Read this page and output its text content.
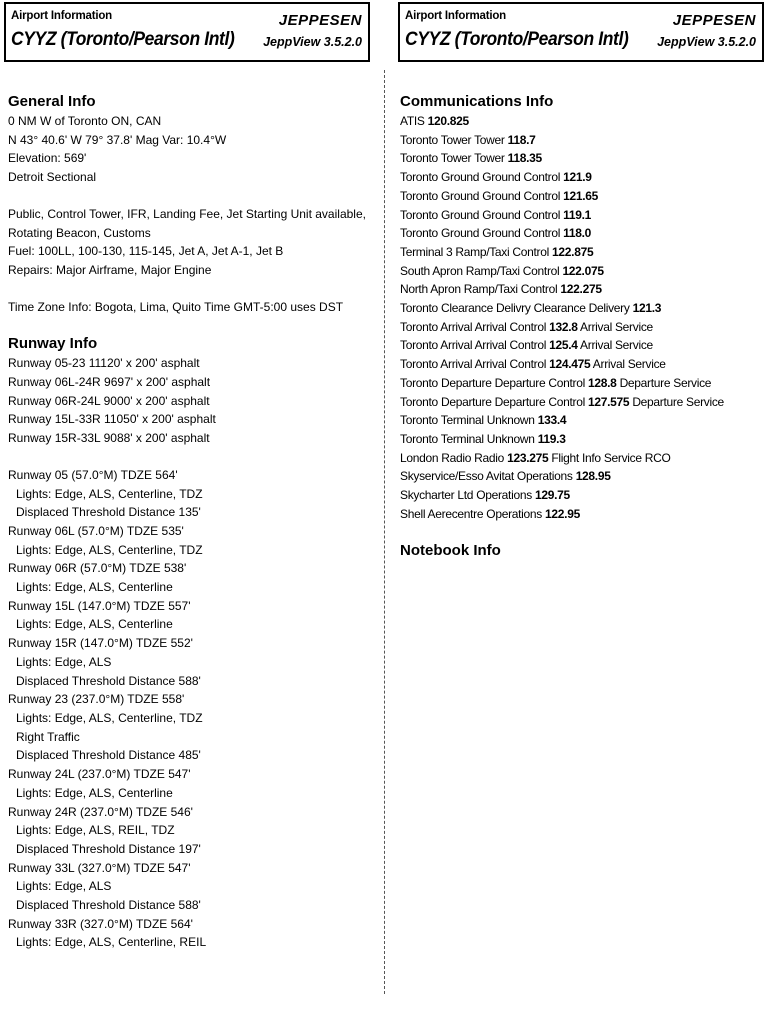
Airport Information
CYYZ (Toronto/Pearson Intl)
JEPPESEN
JeppView 3.5.2.0
Airport Information
CYYZ (Toronto/Pearson Intl)
JEPPESEN
JeppView 3.5.2.0
General Info
0 NM W of Toronto ON, CAN
N 43° 40.6' W 79° 37.8' Mag Var: 10.4°W
Elevation: 569'
Detroit Sectional
Public, Control Tower, IFR, Landing Fee, Jet Starting Unit available,
Rotating Beacon, Customs
Fuel: 100LL, 100-130, 115-145, Jet A, Jet A-1, Jet B
Repairs: Major Airframe, Major Engine
Time Zone Info: Bogota, Lima, Quito Time GMT-5:00 uses DST
Runway Info
Runway 05-23 11120' x 200' asphalt
Runway 06L-24R 9697' x 200' asphalt
Runway 06R-24L 9000' x 200' asphalt
Runway 15L-33R 11050' x 200' asphalt
Runway 15R-33L 9088' x 200' asphalt
Runway 05 (57.0°M) TDZE 564'
Lights: Edge, ALS, Centerline, TDZ
Displaced Threshold Distance 135'
Runway 06L (57.0°M) TDZE 535'
Lights: Edge, ALS, Centerline, TDZ
Runway 06R (57.0°M) TDZE 538'
Lights: Edge, ALS, Centerline
Runway 15L (147.0°M) TDZE 557'
Lights: Edge, ALS, Centerline
Runway 15R (147.0°M) TDZE 552'
Lights: Edge, ALS
Displaced Threshold Distance 588'
Runway 23 (237.0°M) TDZE 558'
Lights: Edge, ALS, Centerline, TDZ
Right Traffic
Displaced Threshold Distance 485'
Runway 24L (237.0°M) TDZE 547'
Lights: Edge, ALS, Centerline
Runway 24R (237.0°M) TDZE 546'
Lights: Edge, ALS, REIL, TDZ
Displaced Threshold Distance 197'
Runway 33L (327.0°M) TDZE 547'
Lights: Edge, ALS
Displaced Threshold Distance 588'
Runway 33R (327.0°M) TDZE 564'
Lights: Edge, ALS, Centerline, REIL
Communications Info
ATIS 120.825
Toronto Tower Tower 118.7
Toronto Tower Tower 118.35
Toronto Ground Ground Control 121.9
Toronto Ground Ground Control 121.65
Toronto Ground Ground Control 119.1
Toronto Ground Ground Control 118.0
Terminal 3 Ramp/Taxi Control 122.875
South Apron Ramp/Taxi Control 122.075
North Apron Ramp/Taxi Control 122.275
Toronto Clearance Delivry Clearance Delivery 121.3
Toronto Arrival Arrival Control 132.8 Arrival Service
Toronto Arrival Arrival Control 125.4 Arrival Service
Toronto Arrival Arrival Control 124.475 Arrival Service
Toronto Departure Departure Control 128.8 Departure Service
Toronto Departure Departure Control 127.575 Departure Service
Toronto Terminal Unknown 133.4
Toronto Terminal Unknown 119.3
London Radio Radio 123.275 Flight Info Service RCO
Skyservice/Esso Avitat Operations 128.95
Skycharter Ltd Operations 129.75
Shell Aerecentre Operations 122.95
Notebook Info
